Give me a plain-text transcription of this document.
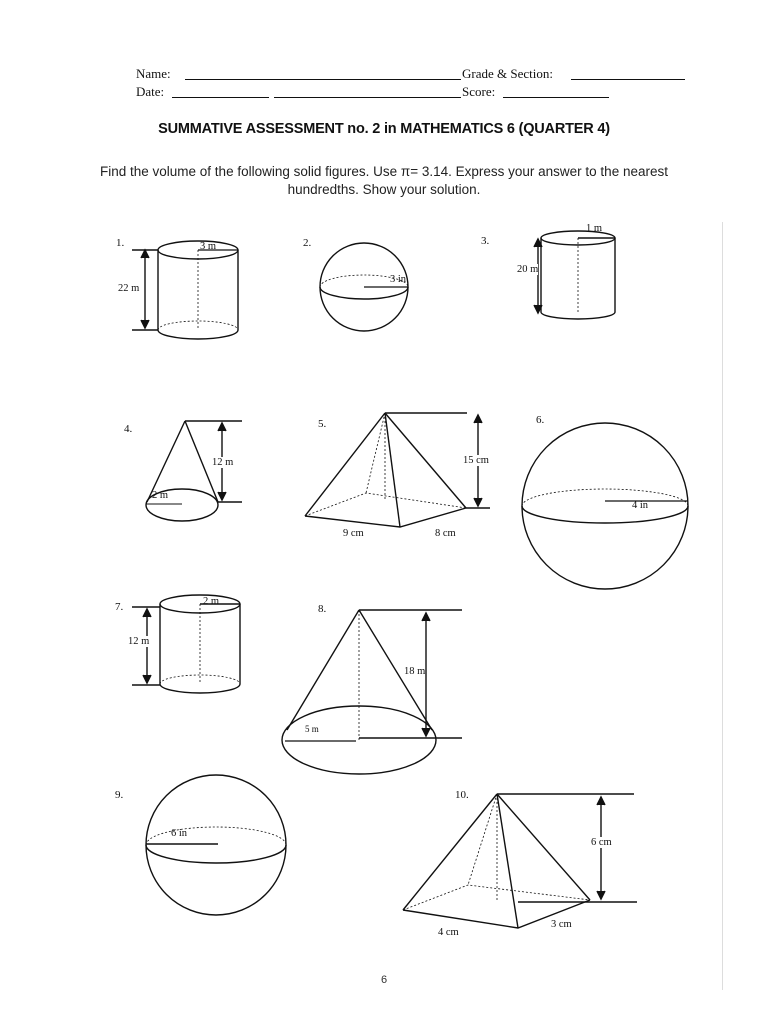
Name:	Grade & Section:
Date:	Score:
SUMMATIVE ASSESSMENT no. 2 in MATHEMATICS 6 (QUARTER 4)
Find the volume of the following solid figures. Use π= 3.14. Express your answer to the nearest
hundredths. Show your solution.
1.	3 m
22 m
2.
3 in
3.
1 m
20 m
4.
12 m
2 m
5.
15 cm
9 cm	8 cm
6.
4 in
7.	2 m
12 m
8.
18 m
5 m
9.
6 in
10.
6 cm
4 cm
3 cm
6
